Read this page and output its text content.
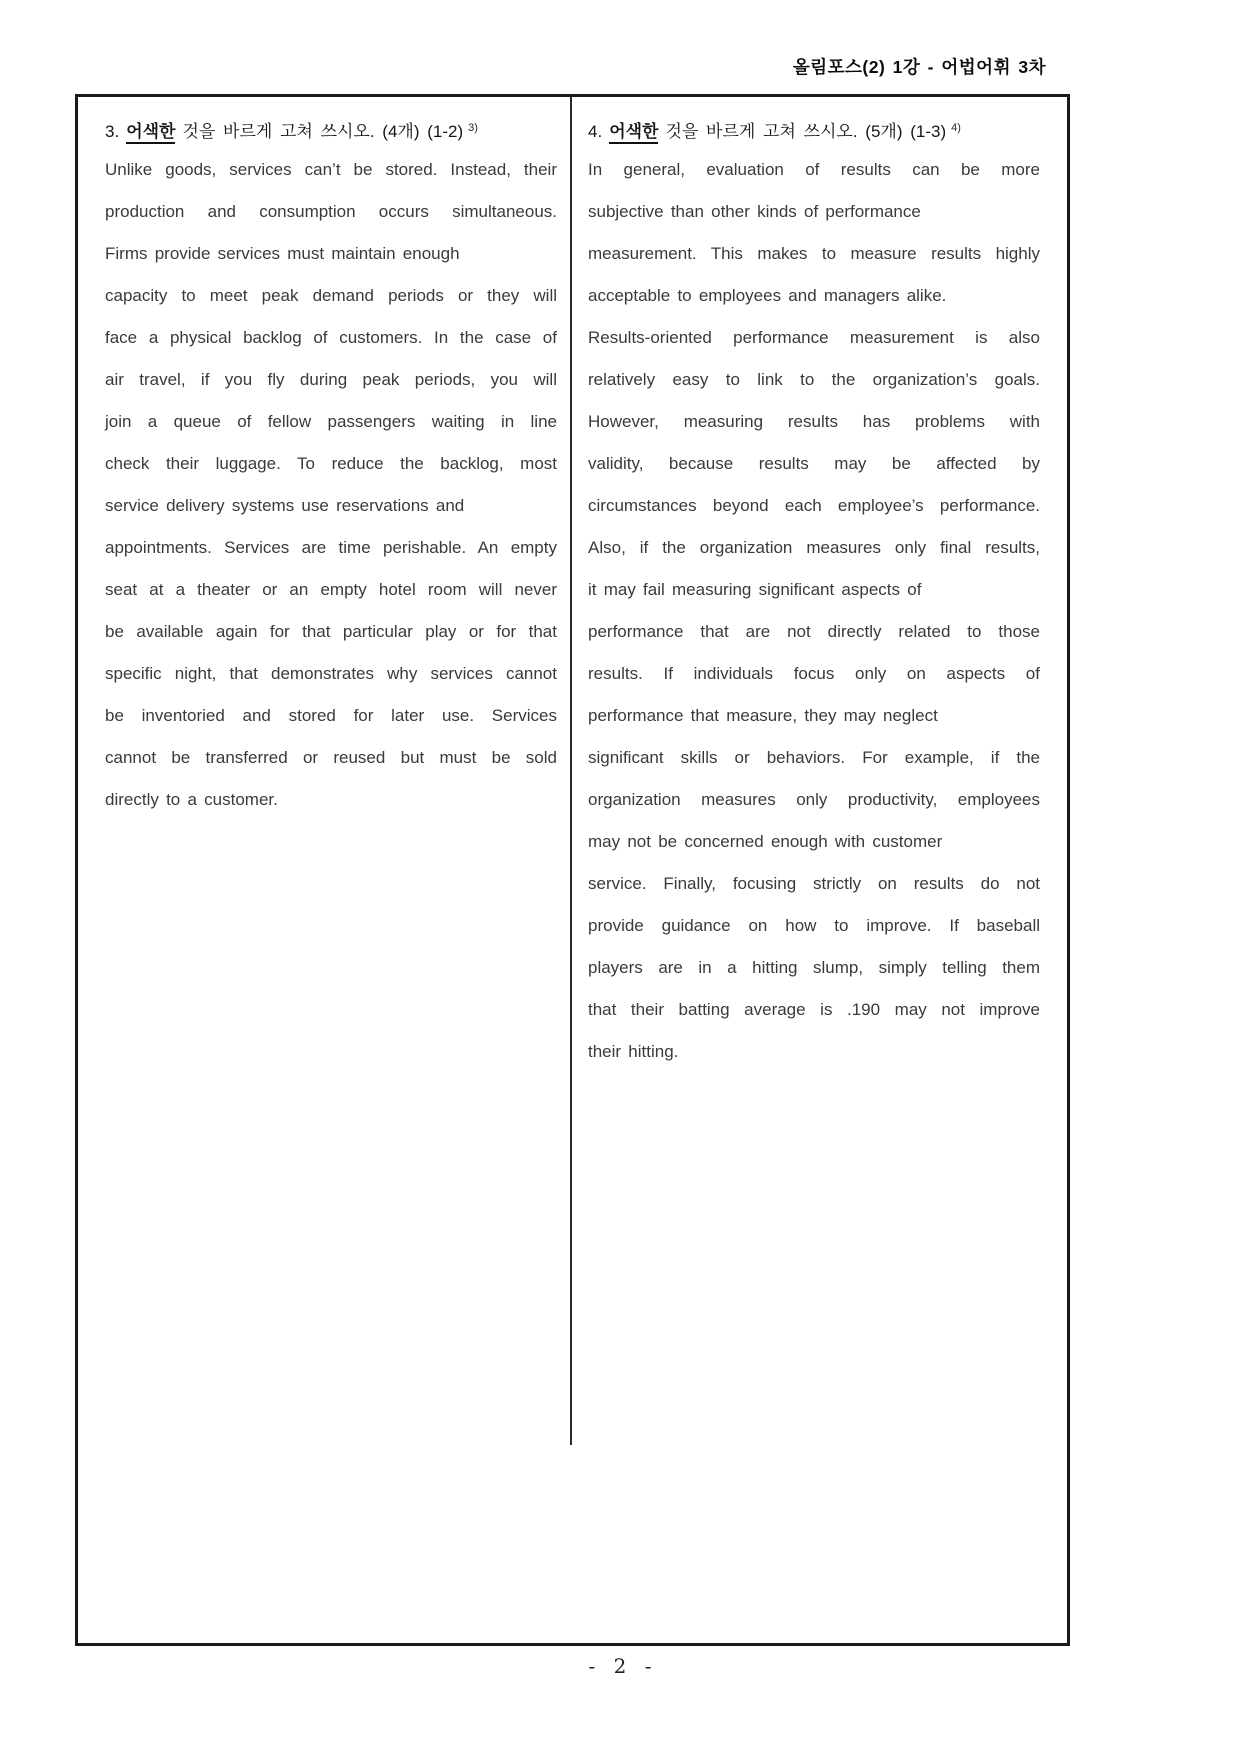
올림포스(2) 1강 - 어법어휘 3차
3. 어색한 것을 바르게 고쳐 쓰시오. (4개) (1-2) $^{3)}$
Unlike goods, services can’t be stored. Instead, their
production and consumption occurs simultaneous.
Firms provide services must maintain enough
capacity to meet peak demand periods or they will
face a physical backlog of customers. In the case of
air travel, if you fly during peak periods, you will
join a queue of fellow passengers waiting in line
check their luggage. To reduce the backlog, most
service delivery systems use reservations and
appointments. Services are time perishable. An empty
seat at a theater or an empty hotel room will never
be available again for that particular play or for that
specific night, that demonstrates why services cannot
be inventoried and stored for later use. Services
cannot be transferred or reused but must be sold
directly to a customer.
4. 어색한 것을 바르게 고쳐 쓰시오. (5개) (1-3) $^{4)}$
In general, evaluation of results can be more
subjective than other kinds of performance
measurement. This makes to measure results highly
acceptable to employees and managers alike.
Results-oriented performance measurement is also
relatively easy to link to the organization’s goals.
However, measuring results has problems with
validity, because results may be affected by
circumstances beyond each employee’s performance.
Also, if the organization measures only final results,
it may fail measuring significant aspects of
performance that are not directly related to those
results. If individuals focus only on aspects of
performance that measure, they may neglect
significant skills or behaviors. For example, if the
organization measures only productivity, employees
may not be concerned enough with customer
service. Finally, focusing strictly on results do not
provide guidance on how to improve. If baseball
players are in a hitting slump, simply telling them
that their batting average is .190 may not improve
their hitting.
- 2 -
